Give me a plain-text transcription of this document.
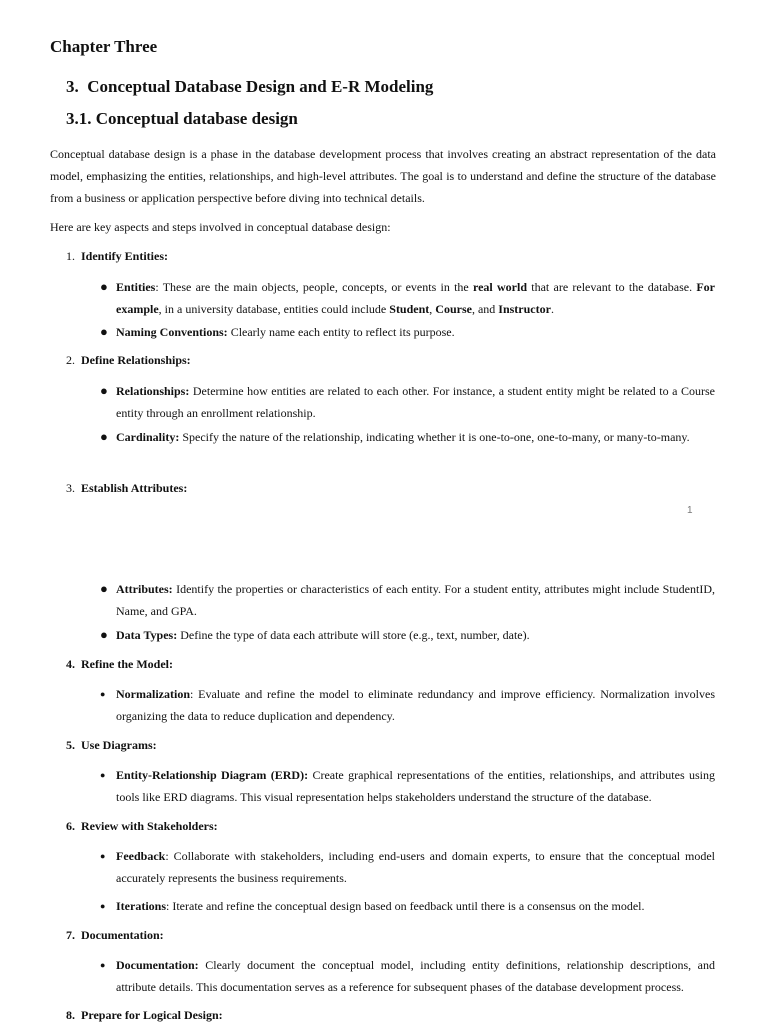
Chapter Three
3. Conceptual Database Design and E-R Modeling
3.1. Conceptual database design
Conceptual database design is a phase in the database development process that involves creating an abstract representation of the data model, emphasizing the entities, relationships, and high-level attributes. The goal is to understand and define the structure of the database from a business or application perspective before diving into technical details.
Here are key aspects and steps involved in conceptual database design:
1. Identify Entities:
● Entities: These are the main objects, people, concepts, or events in the real world that are relevant to the database. For example, in a university database, entities could include Student, Course, and Instructor.
● Naming Conventions: Clearly name each entity to reflect its purpose.
2. Define Relationships:
● Relationships: Determine how entities are related to each other. For instance, a student entity might be related to a Course entity through an enrollment relationship.
● Cardinality: Specify the nature of the relationship, indicating whether it is one-to-one, one-to-many, or many-to-many.
3. Establish Attributes:
1
● Attributes: Identify the properties or characteristics of each entity. For a student entity, attributes might include StudentID, Name, and GPA.
● Data Types: Define the type of data each attribute will store (e.g., text, number, date).
4. Refine the Model:
● Normalization: Evaluate and refine the model to eliminate redundancy and improve efficiency. Normalization involves organizing the data to reduce duplication and dependency.
5. Use Diagrams:
● Entity-Relationship Diagram (ERD): Create graphical representations of the entities, relationships, and attributes using tools like ERD diagrams. This visual representation helps stakeholders understand the structure of the database.
6. Review with Stakeholders:
● Feedback: Collaborate with stakeholders, including end-users and domain experts, to ensure that the conceptual model accurately represents the business requirements.
● Iterations: Iterate and refine the conceptual design based on feedback until there is a consensus on the model.
7. Documentation:
● Documentation: Clearly document the conceptual model, including entity definitions, relationship descriptions, and attribute details. This documentation serves as a reference for subsequent phases of the database development process.
8. Prepare for Logical Design:
